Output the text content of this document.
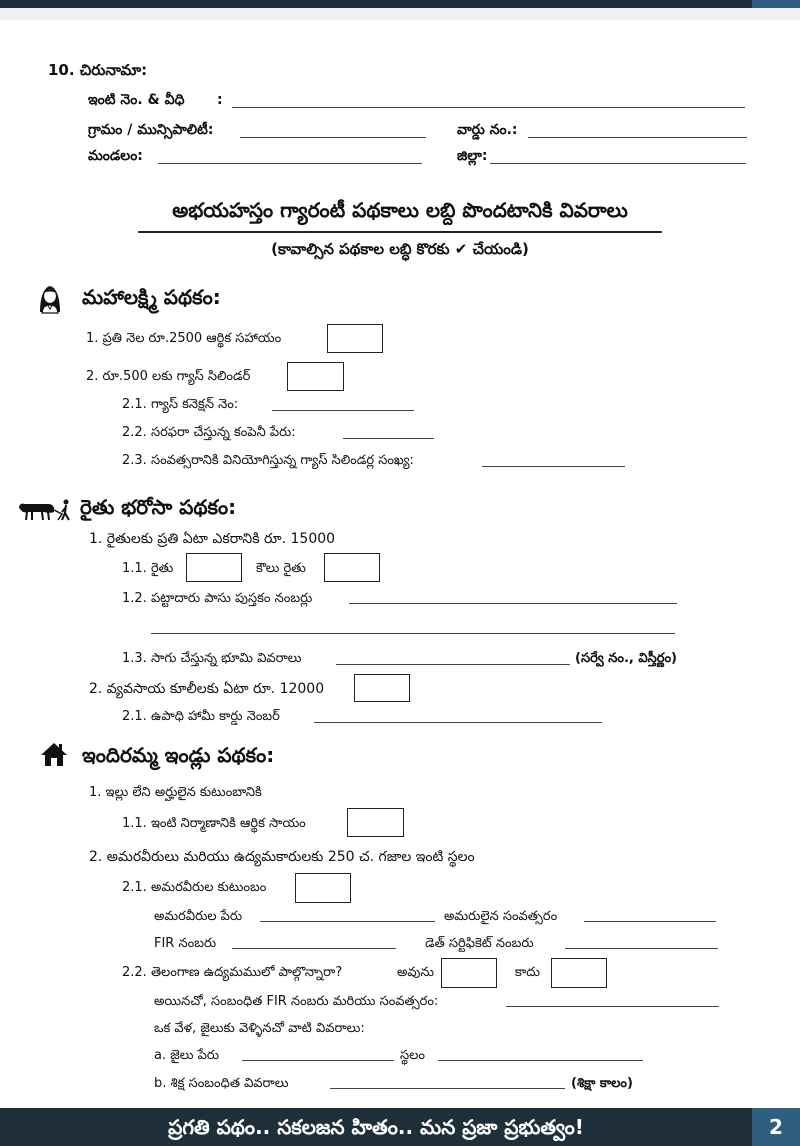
10. చిరునామా:
ఇంటి నెం. & వీధి :
గ్రామం / మున్సిపాలిటీ:	వార్డు నం.:
మండలం:	జిల్లా:
అభయహస్తం గ్యారంటీ పథకాలు లబ్ది పొందటానికి వివరాలు
(కావాల్సిన పథకాల లబ్ధి కొరకు ✔ చేయండి)
మహాలక్ష్మి పథకం:
1. ప్రతి నెల రూ.2500 ఆర్థిక సహాయం
2. రూ.500 లకు గ్యాస్ సిలిండర్
2.1. గ్యాస్ కనెక్షన్ నెం:
2.2. సరఫరా చేస్తున్న కంపెనీ పేరు:
2.3. సంవత్సరానికి వినియోగిస్తున్న గ్యాస్ సిలిండర్ల సంఖ్య:
రైతు భరోసా పథకం:
1. రైతులకు ప్రతి ఏటా ఎకరానికి రూ. 15000
1.1. రైతు	కౌలు రైతు
1.2. పట్టాదారు పాసు పుస్తకం నంబర్లు
1.3. సాగు చేస్తున్న భూమి వివరాలు	(సర్వే నం., విస్తీర్ణం)
2. వ్యవసాయ కూలీలకు ఏటా రూ. 12000
2.1. ఉపాధి హామీ కార్డు నెంబర్
ఇందిరమ్మ ఇండ్లు పథకం:
1. ఇల్లు లేని అర్హులైన కుటుంబానికి
1.1. ఇంటి నిర్మాణానికి ఆర్థిక సాయం
2. అమరవీరులు మరియు ఉద్యమకారులకు 250 చ. గజాల ఇంటి స్థలం
2.1. అమరవీరుల కుటుంబం
అమరవీరుల పేరు	అమరులైన సంవత్సరం
FIR నంబరు	డెత్ సర్టిఫికెట్ నంబరు
2.2. తెలంగాణ ఉద్యమములో పాల్గొన్నారా?	అవును	కాదు
అయినచో, సంబంధిత FIR నంబరు మరియు సంవత్సరం:
ఒక వేళ, జైలుకు వెళ్ళినచో వాటి వివరాలు:
a. జైలు పేరు	స్థలం
b. శిక్ష సంబంధిత వివరాలు	(శిక్షా కాలం)
ప్రగతి పథం.. సకలజన హితం.. మన ప్రజా ప్రభుత్వం!	2
